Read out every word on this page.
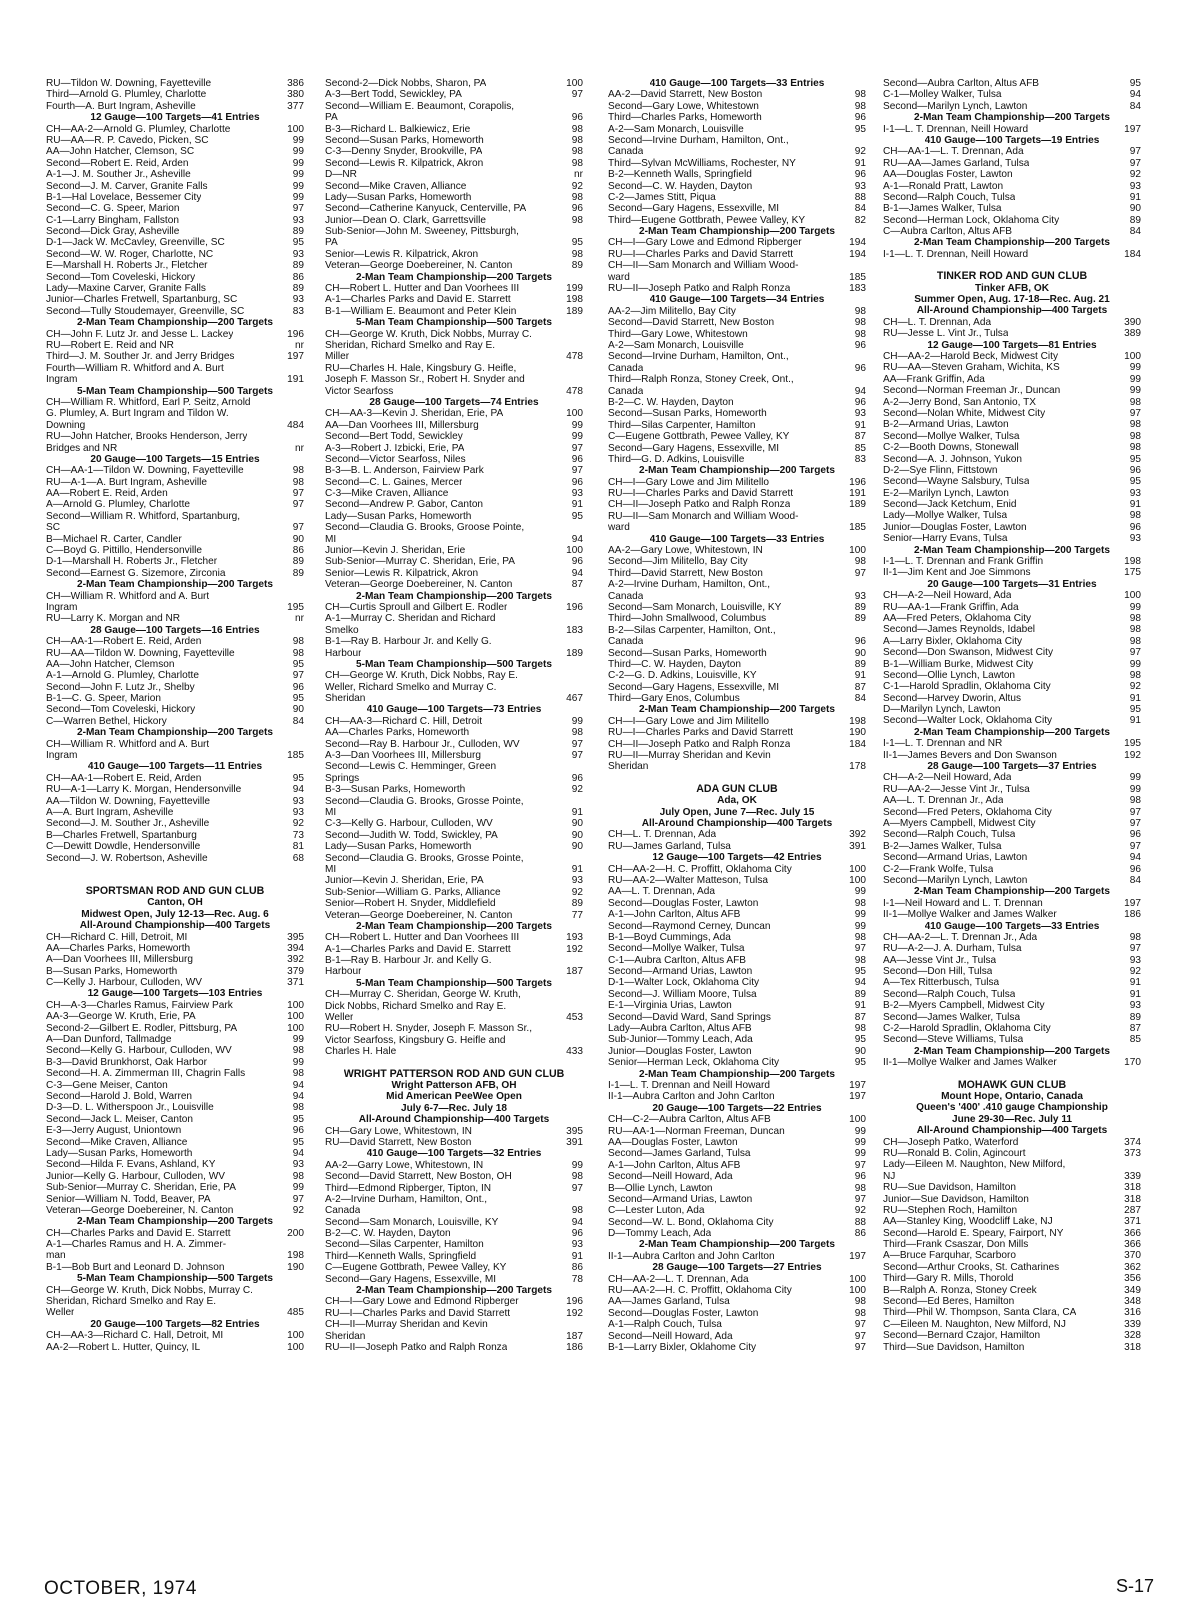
RU—Tildon W. Downing, Fayetteville	386
Third—Arnold G. Plumley, Charlotte	380
Fourth—A. Burt Ingram, Asheville	377
12 Gauge—100 Targets—41 Entries
CH—AA-2—Arnold G. Plumley, Charlotte	100
RU—AA—R. P. Cavedo, Picken, SC	99
AA—John Hatcher, Clemson, SC	99
Second—Robert E. Reid, Arden	99
A-1—J. M. Souther Jr., Asheville	99
Second—J. M. Carver, Granite Falls	99
B-1—Hal Lovelace, Bessemer City	99
Second—C. G. Speer, Marion	97
C-1—Larry Bingham, Fallston	93
Second—Dick Gray, Asheville	89
D-1—Jack W. McCavley, Greenville, SC	95
Second—W. W. Roger, Charlotte, NC	93
E—Marshall H. Roberts Jr., Fletcher	89
Second—Tom Coveleski, Hickory	86
Lady—Maxine Carver, Granite Falls	89
Junior—Charles Fretwell, Spartanburg, SC	93
Second—Tully Stoudemayer, Greenville, SC	83
2-Man Team Championship—200 Targets
CH—John F. Lutz Jr. and Jesse L. Lackey	196
RU—Robert E. Reid and NR	nr
Third—J. M. Souther Jr. and Jerry Bridges	197
Fourth—William R. Whitford and A. Burt
Ingram	191
5-Man Team Championship—500 Targets
CH—William R. Whitford, Earl P. Seitz, Arnold
G. Plumley, A. Burt Ingram and Tildon W.
Downing	484
RU—John Hatcher, Brooks Henderson, Jerry
Bridges and NR	nr
20 Gauge—100 Targets—15 Entries
CH—AA-1—Tildon W. Downing, Fayetteville	98
RU—A-1—A. Burt Ingram, Asheville	98
AA—Robert E. Reid, Arden	97
A—Arnold G. Plumley, Charlotte	97
Second—William R. Whitford, Spartanburg,
SC	97
B—Michael R. Carter, Candler	90
C—Boyd G. Pittillo, Hendersonville	86
D-1—Marshall H. Roberts Jr., Fletcher	89
Second—Earnest G. Sizemore, Zirconia	89
2-Man Team Championship—200 Targets
CH—William R. Whitford and A. Burt
Ingram	195
RU—Larry K. Morgan and NR	nr
28 Gauge—100 Targets—16 Entries
CH—AA-1—Robert E. Reid, Arden	98
RU—AA—Tildon W. Downing, Fayetteville	98
AA—John Hatcher, Clemson	95
A-1—Arnold G. Plumley, Charlotte	97
Second—John F. Lutz Jr., Shelby	96
B-1—C. G. Speer, Marion	95
Second—Tom Coveleski, Hickory	90
C—Warren Bethel, Hickory	84
2-Man Team Championship—200 Targets
CH—William R. Whitford and A. Burt
Ingram	185
410 Gauge—100 Targets—11 Entries
CH—AA-1—Robert E. Reid, Arden	95
RU—A-1—Larry K. Morgan, Hendersonville	94
AA—Tildon W. Downing, Fayetteville	93
A—A. Burt Ingram, Asheville	93
Second—J. M. Souther Jr., Asheville	92
B—Charles Fretwell, Spartanburg	73
C—Dewitt Dowdle, Hendersonville	81
Second—J. W. Robertson, Asheville	68
SPORTSMAN ROD AND GUN CLUB
Canton, OH
Midwest Open, July 12-13—Rec. Aug. 6
All-Around Championship—400 Targets
CH—Richard C. Hill, Detroit, MI	395
AA—Charles Parks, Homeworth	394
A—Dan Voorhees III, Millersburg	392
B—Susan Parks, Homeworth	379
C—Kelly J. Harbour, Culloden, WV	371
12 Gauge—100 Targets—103 Entries
CH—A-3—Charles Ramus, Fairview Park	100
AA-3—George W. Kruth, Erie, PA	100
Second-2—Gilbert E. Rodler, Pittsburg, PA	100
A—Dan Dunford, Tallmadge	99
Second—Kelly G. Harbour, Culloden, WV	98
B-3—David Brunkhorst, Oak Harbor	99
Second—H. A. Zimmerman III, Chagrin Falls	98
C-3—Gene Meiser, Canton	94
Second—Harold J. Bold, Warren	94
D-3—D. L. Witherspoon Jr., Louisville	98
Second—Jack L. Meiser, Canton	95
E-3—Jerry August, Uniontown	96
Second—Mike Craven, Alliance	95
Lady—Susan Parks, Homeworth	94
Second—Hilda F. Evans, Ashland, KY	93
Junior—Kelly G. Harbour, Culloden, WV	98
Sub-Senior—Murray C. Sheridan, Erie, PA	99
Senior—William N. Todd, Beaver, PA	97
Veteran—George Doebereiner, N. Canton	92
2-Man Team Championship—200 Targets
CH—Charles Parks and David E. Starrett	200
A-1—Charles Ramus and H. A. Zimmer-
man	198
B-1—Bob Burt and Leonard D. Johnson	190
5-Man Team Championship—500 Targets
CH—George W. Kruth, Dick Nobbs, Murray C.
Sheridan, Richard Smelko and Ray E.
Weller	485
20 Gauge—100 Targets—82 Entries
CH—AA-3—Richard C. Hall, Detroit, MI	100
AA-2—Robert L. Hutter, Quincy, IL	100
Second-2—Dick Nobbs, Sharon, PA	100
A-3—Bert Todd, Sewickley, PA	97
Second—William E. Beaumont, Corapolis,
PA	96
B-3—Richard L. Balkiewicz, Erie	98
Second—Susan Parks, Homeworth	98
C-3—Denny Snyder, Brookville, PA	98
Second—Lewis R. Kilpatrick, Akron	98
D—NR	nr
Second—Mike Craven, Alliance	92
Lady—Susan Parks, Homeworth	98
Second—Catherine Kanyuck, Centerville, PA	96
Junior—Dean O. Clark, Garrettsville	98
Sub-Senior—John M. Sweeney, Pittsburgh,
PA	95
Senior—Lewis R. Kilpatrick, Akron	98
Veteran—George Doebereiner, N. Canton	89
2-Man Team Championship—200 Targets
CH—Robert L. Hutter and Dan Voorhees III	199
A-1—Charles Parks and David E. Starrett	198
B-1—William E. Beaumont and Peter Klein	189
5-Man Team Championship—500 Targets
CH—George W. Kruth, Dick Nobbs, Murray C.
Sheridan, Richard Smelko and Ray E.
Miller	478
RU—Charles H. Hale, Kingsbury G. Heifle,
Joseph F. Masson Sr., Robert H. Snyder and
Victor Searfoss	478
28 Gauge—100 Targets—74 Entries
CH—AA-3—Kevin J. Sheridan, Erie, PA	100
AA—Dan Voorhees III, Millersburg	99
Second—Bert Todd, Sewickley	99
A-3—Robert J. Izbicki, Erie, PA	97
Second—Victor Searfoss, Niles	96
B-3—B. L. Anderson, Fairview Park	97
Second—C. L. Gaines, Mercer	96
C-3—Mike Craven, Alliance	93
Second—Andrew P. Gabor, Canton	91
Lady—Susan Parks, Homeworth	95
Second—Claudia G. Brooks, Groose Pointe,
MI	94
Junior—Kevin J. Sheridan, Erie	100
Sub-Senior—Murray C. Sheridan, Erie, PA	96
Senior—Lewis R. Kilpatrick, Akron	94
Veteran—George Doebereiner, N. Canton	87
2-Man Team Championship—200 Targets
CH—Curtis Sproull and Gilbert E. Rodler	196
A-1—Murray C. Sheridan and Richard
Smelko	183
B-1—Ray B. Harbour Jr. and Kelly G.
Harbour	189
5-Man Team Championship—500 Targets
CH—George W. Kruth, Dick Nobbs, Ray E.
Weller, Richard Smelko and Murray C.
Sheridan	467
410 Gauge—100 Targets—73 Entries
CH—AA-3—Richard C. Hill, Detroit	99
AA—Charles Parks, Homeworth	98
Second—Ray B. Harbour Jr., Culloden, WV	97
A-3—Dan Voorhees III, Millersburg	97
Second—Lewis C. Hemminger, Green
Springs	96
B-3—Susan Parks, Homeworth	92
Second—Claudia G. Brooks, Grosse Pointe,
MI	91
C-3—Kelly G. Harbour, Culloden, WV	90
Second—Judith W. Todd, Swickley, PA	90
Lady—Susan Parks, Homeworth	90
Second—Claudia G. Brooks, Grosse Pointe,
MI	91
Junior—Kevin J. Sheridan, Erie, PA	93
Sub-Senior—William G. Parks, Alliance	92
Senior—Robert H. Snyder, Middlefield	89
Veteran—George Doebereiner, N. Canton	77
2-Man Team Championship—200 Targets
CH—Robert L. Hutter and Dan Voorhees III	193
A-1—Charles Parks and David E. Starrett	192
B-1—Ray B. Harbour Jr. and Kelly G.
Harbour	187
5-Man Team Championship—500 Targets
CH—Murray C. Sheridan, George W. Kruth,
Dick Nobbs, Richard Smelko and Ray E.
Weller	453
RU—Robert H. Snyder, Joseph F. Masson Sr.,
Victor Searfoss, Kingsbury G. Heifle and
Charles H. Hale	433
WRIGHT PATTERSON ROD AND GUN CLUB
Wright Patterson AFB, OH
Mid American PeeWee Open
July 6-7—Rec. July 18
All-Around Championship—400 Targets
CH—Gary Lowe, Whitestown, IN	395
RU—David Starrett, New Boston	391
410 Gauge—100 Targets—32 Entries
AA-2—Garry Lowe, Whitestown, IN	99
Second—David Starrett, New Boston, OH	98
Third—Edmond Ripberger, Tipton, IN	97
A-2—Irvine Durham, Hamilton, Ont.,
Canada	98
Second—Sam Monarch, Louisville, KY	94
B-2—C. W. Hayden, Dayton	96
Second—Silas Carpenter, Hamilton	93
Third—Kenneth Walls, Springfield	91
C—Eugene Gottbrath, Pewee Valley, KY	86
Second—Gary Hagens, Essexville, MI	78
2-Man Team Championship—200 Targets
CH—I—Gary Lowe and Edmond Ripberger	196
RU—I—Charles Parks and David Starrett	192
CH—II—Murray Sheridan and Kevin
Sheridan	187
RU—II—Joseph Patko and Ralph Ronza	186
410 Gauge—100 Targets—33 Entries
AA-2—David Starrett, New Boston	98
Second—Gary Lowe, Whitestown	98
Third—Charles Parks, Homeworth	96
A-2—Sam Monarch, Louisville	95
Second—Irvine Durham, Hamilton, Ont.,
Canada	92
Third—Sylvan McWilliams, Rochester, NY	91
B-2—Kenneth Walls, Springfield	96
Second—C. W. Hayden, Dayton	93
C-2—James Stitt, Piqua	88
Second—Gary Hagens, Essexville, MI	84
Third—Eugene Gottbrath, Pewee Valley, KY	82
2-Man Team Championship—200 Targets
CH—I—Gary Lowe and Edmond Ripberger	194
RU—I—Charles Parks and David Starrett	194
CH—II—Sam Monarch and William Wood-
ward	185
RU—II—Joseph Patko and Ralph Ronza	183
410 Gauge—100 Targets—34 Entries
AA-2—Jim Militello, Bay City	98
Second—David Starrett, New Boston	98
Third—Gary Lowe, Whitestown	98
A-2—Sam Monarch, Louisville	96
Second—Irvine Durham, Hamilton, Ont.,
Canada	96
Third—Ralph Ronza, Stoney Creek, Ont.,
Canada	94
B-2—C. W. Hayden, Dayton	96
Second—Susan Parks, Homeworth	93
Third—Silas Carpenter, Hamilton	91
C—Eugene Gottbrath, Pewee Valley, KY	87
Second—Gary Hagens, Essexville, MI	85
Third—G. D. Adkins, Louisville	83
2-Man Team Championship—200 Targets
CH—I—Gary Lowe and Jim Militello	196
RU—I—Charles Parks and David Starrett	191
CH—II—Joseph Patko and Ralph Ronza	189
RU—II—Sam Monarch and William Wood-
ward	185
410 Gauge—100 Targets—33 Entries
AA-2—Gary Lowe, Whitestown, IN	100
Second—Jim Militello, Bay City	98
Third—David Starrett, New Boston	97
A-2—Irvine Durham, Hamilton, Ont.,
Canada	93
Second—Sam Monarch, Louisville, KY	89
Third—John Smallwood, Columbus	89
B-2—Silas Carpenter, Hamilton, Ont.,
Canada	96
Second—Susan Parks, Homeworth	90
Third—C. W. Hayden, Dayton	89
C-2—G. D. Adkins, Louisville, KY	91
Second—Gary Hagens, Essexville, MI	87
Third—Gary Enos, Columbus	84
2-Man Team Championship—200 Targets
CH—I—Gary Lowe and Jim Militello	198
RU—I—Charles Parks and David Starrett	190
CH—II—Joseph Patko and Ralph Ronza	184
RU—II—Murray Sheridan and Kevin
Sheridan	178
ADA GUN CLUB
Ada, OK
July Open, June 7—Rec. July 15
All-Around Championship—400 Targets
CH—L. T. Drennan, Ada	392
RU—James Garland, Tulsa	391
12 Gauge—100 Targets—42 Entries
CH—AA-2—H. C. Proffitt, Oklahoma City	100
RU—AA-2—Walter Matteson, Tulsa	100
AA—L. T. Drennan, Ada	99
Second—Douglas Foster, Lawton	98
A-1—John Carlton, Altus AFB	99
Second—Raymond Cerney, Duncan	99
B-1—Boyd Cummings, Ada	98
Second—Mollye Walker, Tulsa	97
C-1—Aubra Carlton, Altus AFB	98
Second—Armand Urias, Lawton	95
D-1—Walter Lock, Oklahoma City	94
Second—J. William Moore, Tulsa	89
E-1—Virginia Urias, Lawton	91
Second—David Ward, Sand Springs	87
Lady—Aubra Carlton, Altus AFB	98
Sub-Junior—Tommy Leach, Ada	95
Junior—Douglas Foster, Lawton	90
Senior—Herman Leck, Oklahoma City	95
2-Man Team Championship—200 Targets
I-1—L. T. Drennan and Neill Howard	197
II-1—Aubra Carlton and John Carlton	197
20 Gauge—100 Targets—22 Entries
CH—C-2—Aubra Carlton, Altus AFB	100
RU—AA-1—Norman Freeman, Duncan	99
AA—Douglas Foster, Lawton	99
Second—James Garland, Tulsa	99
A-1—John Carlton, Altus AFB	97
Second—Neill Howard, Ada	96
B—Ollie Lynch, Lawton	98
Second—Armand Urias, Lawton	97
C—Lester Luton, Ada	92
Second—W. L. Bond, Oklahoma City	88
D—Tommy Leach, Ada	86
2-Man Team Championship—200 Targets
II-1—Aubra Carlton and John Carlton	197
28 Gauge—100 Targets—27 Entries
CH—AA-2—L. T. Drennan, Ada	100
RU—AA-2—H. C. Proffitt, Oklahoma City	100
AA—James Garland, Tulsa	98
Second—Douglas Foster, Lawton	98
A-1—Ralph Couch, Tulsa	97
Second—Neill Howard, Ada	97
B-1—Larry Bixler, Oklahome City	97
Second—Aubra Carlton, Altus AFB	95
C-1—Molley Walker, Tulsa	94
Second—Marilyn Lynch, Lawton	84
2-Man Team Championship—200 Targets
I-1—L. T. Drennan, Neill Howard	197
410 Gauge—100 Targets—19 Entries
CH—AA-1—L. T. Drennan, Ada	97
RU—AA—James Garland, Tulsa	97
AA—Douglas Foster, Lawton	92
A-1—Ronald Pratt, Lawton	93
Second—Ralph Couch, Tulsa	91
B-1—James Walker, Tulsa	90
Second—Herman Lock, Oklahoma City	89
C—Aubra Carlton, Altus AFB	84
2-Man Team Championship—200 Targets
I-1—L. T. Drennan, Neill Howard	184
TINKER ROD AND GUN CLUB
Tinker AFB, OK
Summer Open, Aug. 17-18—Rec. Aug. 21
All-Around Championship—400 Targets
CH—L. T. Drennan, Ada	390
RU—Jesse L. Vint Jr., Tulsa	389
12 Gauge—100 Targets—81 Entries
CH—AA-2—Harold Beck, Midwest City	100
RU—AA—Steven Graham, Wichita, KS	99
AA—Frank Griffin, Ada	99
Second—Norman Freeman Jr., Duncan	99
A-2—Jerry Bond, San Antonio, TX	98
Second—Nolan White, Midwest City	97
B-2—Armand Urias, Lawton	98
Second—Mollye Walker, Tulsa	98
C-2—Booth Downs, Stonewall	98
Second—A. J. Johnson, Yukon	95
D-2—Sye Flinn, Fittstown	96
Second—Wayne Salsbury, Tulsa	95
E-2—Marilyn Lynch, Lawton	93
Second—Jack Ketchum, Enid	91
Lady—Mollye Walker, Tulsa	98
Junior—Douglas Foster, Lawton	96
Senior—Harry Evans, Tulsa	93
2-Man Team Championship—200 Targets
I-1—L. T. Drennan and Frank Griffin	198
II-1—Jim Kent and Joe Simmons	175
20 Gauge—100 Targets—31 Entries
CH—A-2—Neil Howard, Ada	100
RU—AA-1—Frank Griffin, Ada	99
AA—Fred Peters, Oklahoma City	98
Second—James Reynolds, Idabel	98
A—Larry Bixler, Oklahoma City	98
Second—Don Swanson, Midwest City	97
B-1—William Burke, Midwest City	99
Second—Ollie Lynch, Lawton	98
C-1—Harold Spradlin, Oklahoma City	92
Second—Harvey Dworin, Altus	91
D—Marilyn Lynch, Lawton	95
Second—Walter Lock, Oklahoma City	91
2-Man Team Championship—200 Targets
I-1—L. T. Drennan and NR	195
II-1—James Bevers and Don Swanson	192
28 Gauge—100 Targets—37 Entries
CH—A-2—Neil Howard, Ada	99
RU—AA-2—Jesse Vint Jr., Tulsa	99
AA—L. T. Drennan Jr., Ada	98
Second—Fred Peters, Oklahoma City	97
A—Myers Campbell, Midwest City	97
Second—Ralph Couch, Tulsa	96
B-2—James Walker, Tulsa	97
Second—Armand Urias, Lawton	94
C-2—Frank Wolfe, Tulsa	96
Second—Marilyn Lynch, Lawton	84
2-Man Team Championship—200 Targets
I-1—Neil Howard and L. T. Drennan	197
II-1—Mollye Walker and James Walker	186
410 Gauge—100 Targets—33 Entries
CH—AA-2—L. T. Drennan Jr., Ada	98
RU—A-2—J. A. Durham, Tulsa	97
AA—Jesse Vint Jr., Tulsa	93
Second—Don Hill, Tulsa	92
A—Tex Ritterbusch, Tulsa	91
Second—Ralph Couch, Tulsa	91
B-2—Myers Campbell, Midwest City	93
Second—James Walker, Tulsa	89
C-2—Harold Spradlin, Oklahoma City	87
Second—Steve Williams, Tulsa	85
2-Man Team Championship—200 Targets
II-1—Mollye Walker and James Walker	170
MOHAWK GUN CLUB
Mount Hope, Ontario, Canada
Queen's '400' .410 gauge Championship
June 29-30—Rec. July 11
All-Around Championship—400 Targets
CH—Joseph Patko, Waterford	374
RU—Ronald B. Colin, Agincourt	373
Lady—Eileen M. Naughton, New Milford,
NJ	339
RU—Sue Davidson, Hamilton	318
Junior—Sue Davidson, Hamilton	318
RU—Stephen Roch, Hamilton	287
AA—Stanley King, Woodcliff Lake, NJ	371
Second—Harold E. Speary, Fairport, NY	366
Third—Frank Csaszar, Don Mills	366
A—Bruce Farquhar, Scarboro	370
Second—Arthur Crooks, St. Catharines	362
Third—Gary R. Mills, Thorold	356
B—Ralph A. Ronza, Stoney Creek	349
Second—Ed Beres, Hamilton	348
Third—Phil W. Thompson, Santa Clara, CA	316
C—Eileen M. Naughton, New Milford, NJ	339
Second—Bernard Czajor, Hamilton	328
Third—Sue Davidson, Hamilton	318
OCTOBER, 1974	S-17
